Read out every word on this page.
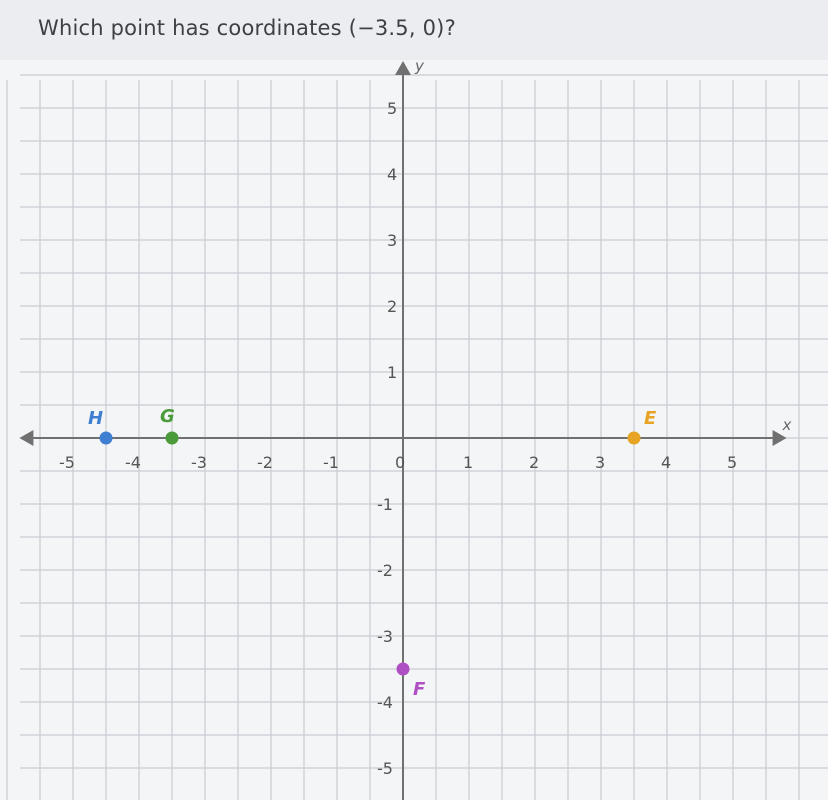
Which point has coordinates (−3.5, 0)?
x
y
-5	-4	-3	-2	-1	0	1	2	3	4	5
5
4
3
2
1
-1
-2
-3
-4
-5
H	G	E
F
